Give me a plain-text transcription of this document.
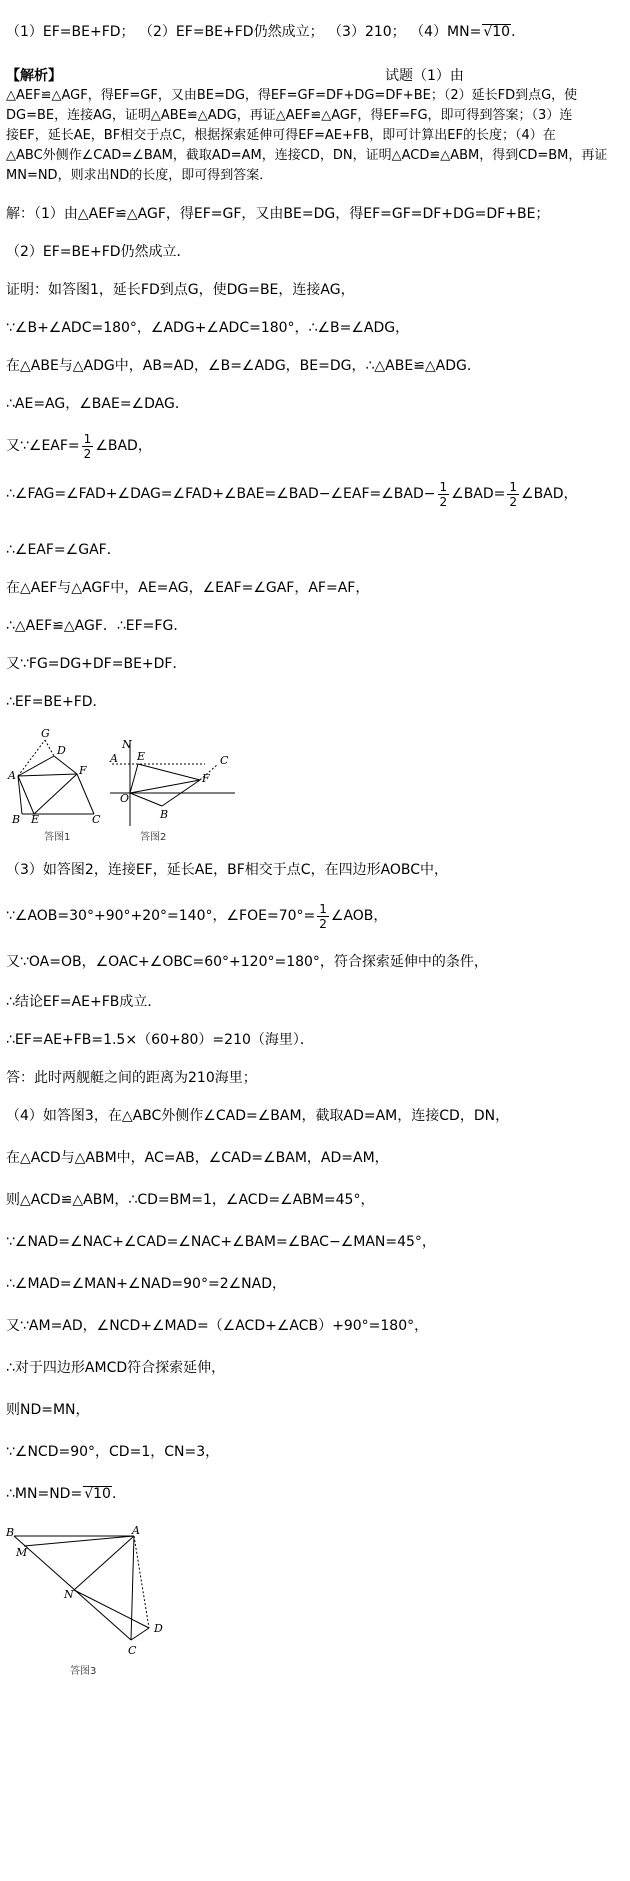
（1）EF=BE+FD； （2）EF=BE+FD仍然成立； （3）210； （4）MN= √10．
【解析】	试题（1）由
△AEF≌△AGF，得EF=GF，又由BE=DG，得EF=GF=DF+DG=DF+BE；（2）延长FD到点G，使
DG=BE，连接AG，证明△ABE≌△ADG，再证△AEF≌△AGF，得EF=FG，即可得到答案；（3）连
接EF，延长AE，BF相交于点C，根据探索延伸可得EF=AE+FB，即可计算出EF的长度；（4）在
△ABC外侧作∠CAD=∠BAM，截取AD=AM，连接CD，DN，证明△ACD≌△ABM，得到CD=BM，再证
MN=ND，则求出ND的长度，即可得到答案．
解：（1）由△AEF≌△AGF，得EF=GF，又由BE=DG，得EF=GF=DF+DG=DF+BE；
（2）EF=BE+FD仍然成立．
证明：如答图1，延长FD到点G，使DG=BE，连接AG，
∵∠B+∠ADC=180°，∠ADG+∠ADC=180°，∴∠B=∠ADG，
在△ABE与△ADG中，AB=AD，∠B=∠ADG，BE=DG，∴△ABE≌△ADG．
∴AE=AG，∠BAE=∠DAG．
又∵∠EAF= $\frac{1}{2}$ ∠BAD，
∴∠FAG=∠FAD+∠DAG=∠FAD+∠BAE=∠BAD−∠EAF=∠BAD− $\frac{1}{2}$ ∠BAD= $\frac{1}{2}$ ∠BAD，
∴∠EAF=∠GAF．
在△AEF与△AGF中，AE=AG，∠EAF=∠GAF，AF=AF，
∴△AEF≌△AGF．∴EF=FG．
又∵FG=DG+DF=BE+DF．
∴EF=BE+FD．
G
D
A	F
B E	C
答图1
N
A E	C
F
O
B
答图2
（3）如答图2，连接EF，延长AE，BF相交于点C，在四边形AOBC中，
∵∠AOB=30°+90°+20°=140°，∠FOE=70°= $\frac{1}{2}$ ∠AOB，
又∵OA=OB，∠OAC+∠OBC=60°+120°=180°，符合探索延伸中的条件，
∴结论EF=AE+FB成立．
∴EF=AE+FB=1.5×（60+80）=210（海里）．
答：此时两舰艇之间的距离为210海里；
（4）如答图3，在△ABC外侧作∠CAD=∠BAM，截取AD=AM，连接CD，DN，
在△ACD与△ABM中，AC=AB，∠CAD=∠BAM，AD=AM，
则△ACD≌△ABM，∴CD=BM=1，∠ACD=∠ABM=45°，
∵∠NAD=∠NAC+∠CAD=∠NAC+∠BAM=∠BAC−∠MAN=45°，
∴∠MAD=∠MAN+∠NAD=90°=2∠NAD，
又∵AM=AD，∠NCD+∠MAD=（∠ACD+∠ACB）+90°=180°，
∴对于四边形AMCD符合探索延伸，
则ND=MN，
∵∠NCD=90°，CD=1，CN=3，
∴MN=ND= √10．
B	A
M
N
D
C
答图3
